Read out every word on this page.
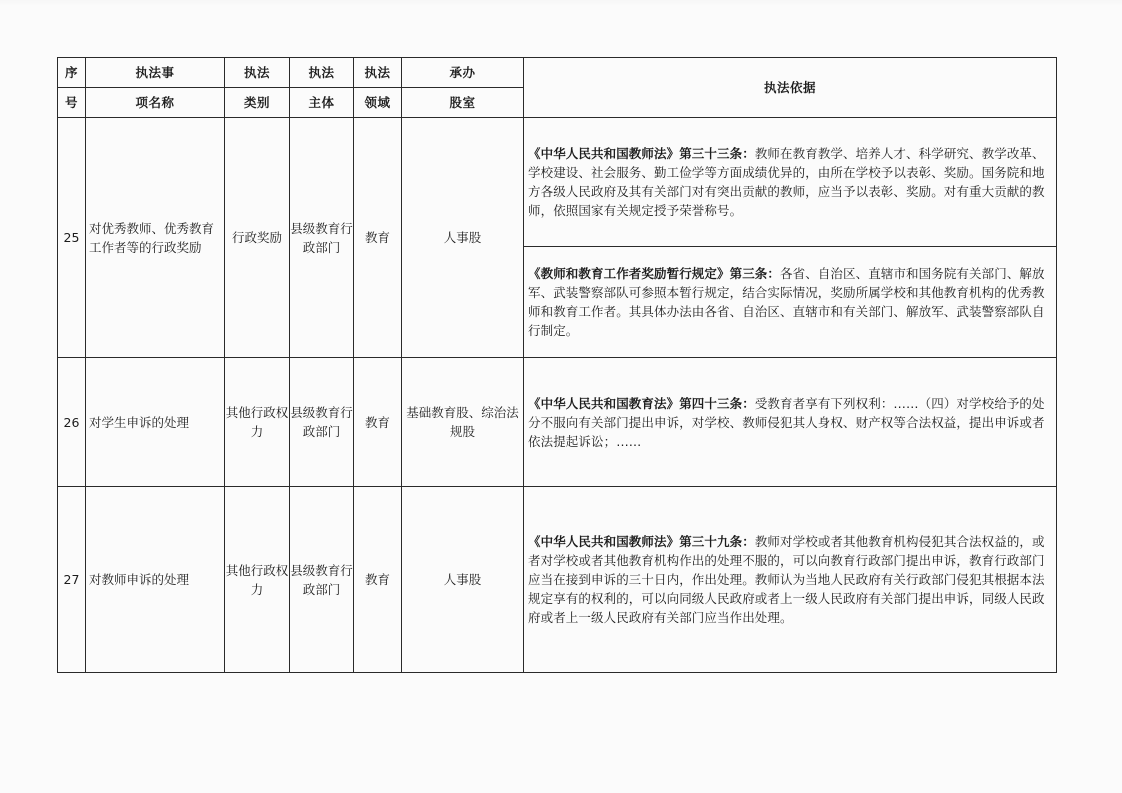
序	执法事	执法	执法	执法	承办	执法依据
号	项名称	类别	主体	领域	股室	
25	对优秀教师、优秀教育工作者等的行政奖励	行政奖励	县级教育行政部门	教育	人事股	《中华人民共和国教师法》第三十三条：教师在教育教学、培养人才、科学研究、教学改革、学校建设、社会服务、勤工俭学等方面成绩优异的，由所在学校予以表彰、奖励。国务院和地方各级人民政府及其有关部门对有突出贡献的教师，应当予以表彰、奖励。对有重大贡献的教师，依照国家有关规定授予荣誉称号。
						《教师和教育工作者奖励暂行规定》第三条：各省、自治区、直辖市和国务院有关部门、解放军、武装警察部队可参照本暂行规定，结合实际情况，奖励所属学校和其他教育机构的优秀教师和教育工作者。其具体办法由各省、自治区、直辖市和有关部门、解放军、武装警察部队自行制定。
26	对学生申诉的处理	其他行政权力	县级教育行政部门	教育	基础教育股、综治法规股	《中华人民共和国教育法》第四十三条：受教育者享有下列权利：……（四）对学校给予的处分不服向有关部门提出申诉，对学校、教师侵犯其人身权、财产权等合法权益，提出申诉或者依法提起诉讼；……
27	对教师申诉的处理	其他行政权力	县级教育行政部门	教育	人事股	《中华人民共和国教师法》第三十九条：教师对学校或者其他教育机构侵犯其合法权益的，或者对学校或者其他教育机构作出的处理不服的，可以向教育行政部门提出申诉，教育行政部门应当在接到申诉的三十日内，作出处理。教师认为当地人民政府有关行政部门侵犯其根据本法规定享有的权利的，可以向同级人民政府或者上一级人民政府有关部门提出申诉，同级人民政府或者上一级人民政府有关部门应当作出处理。
